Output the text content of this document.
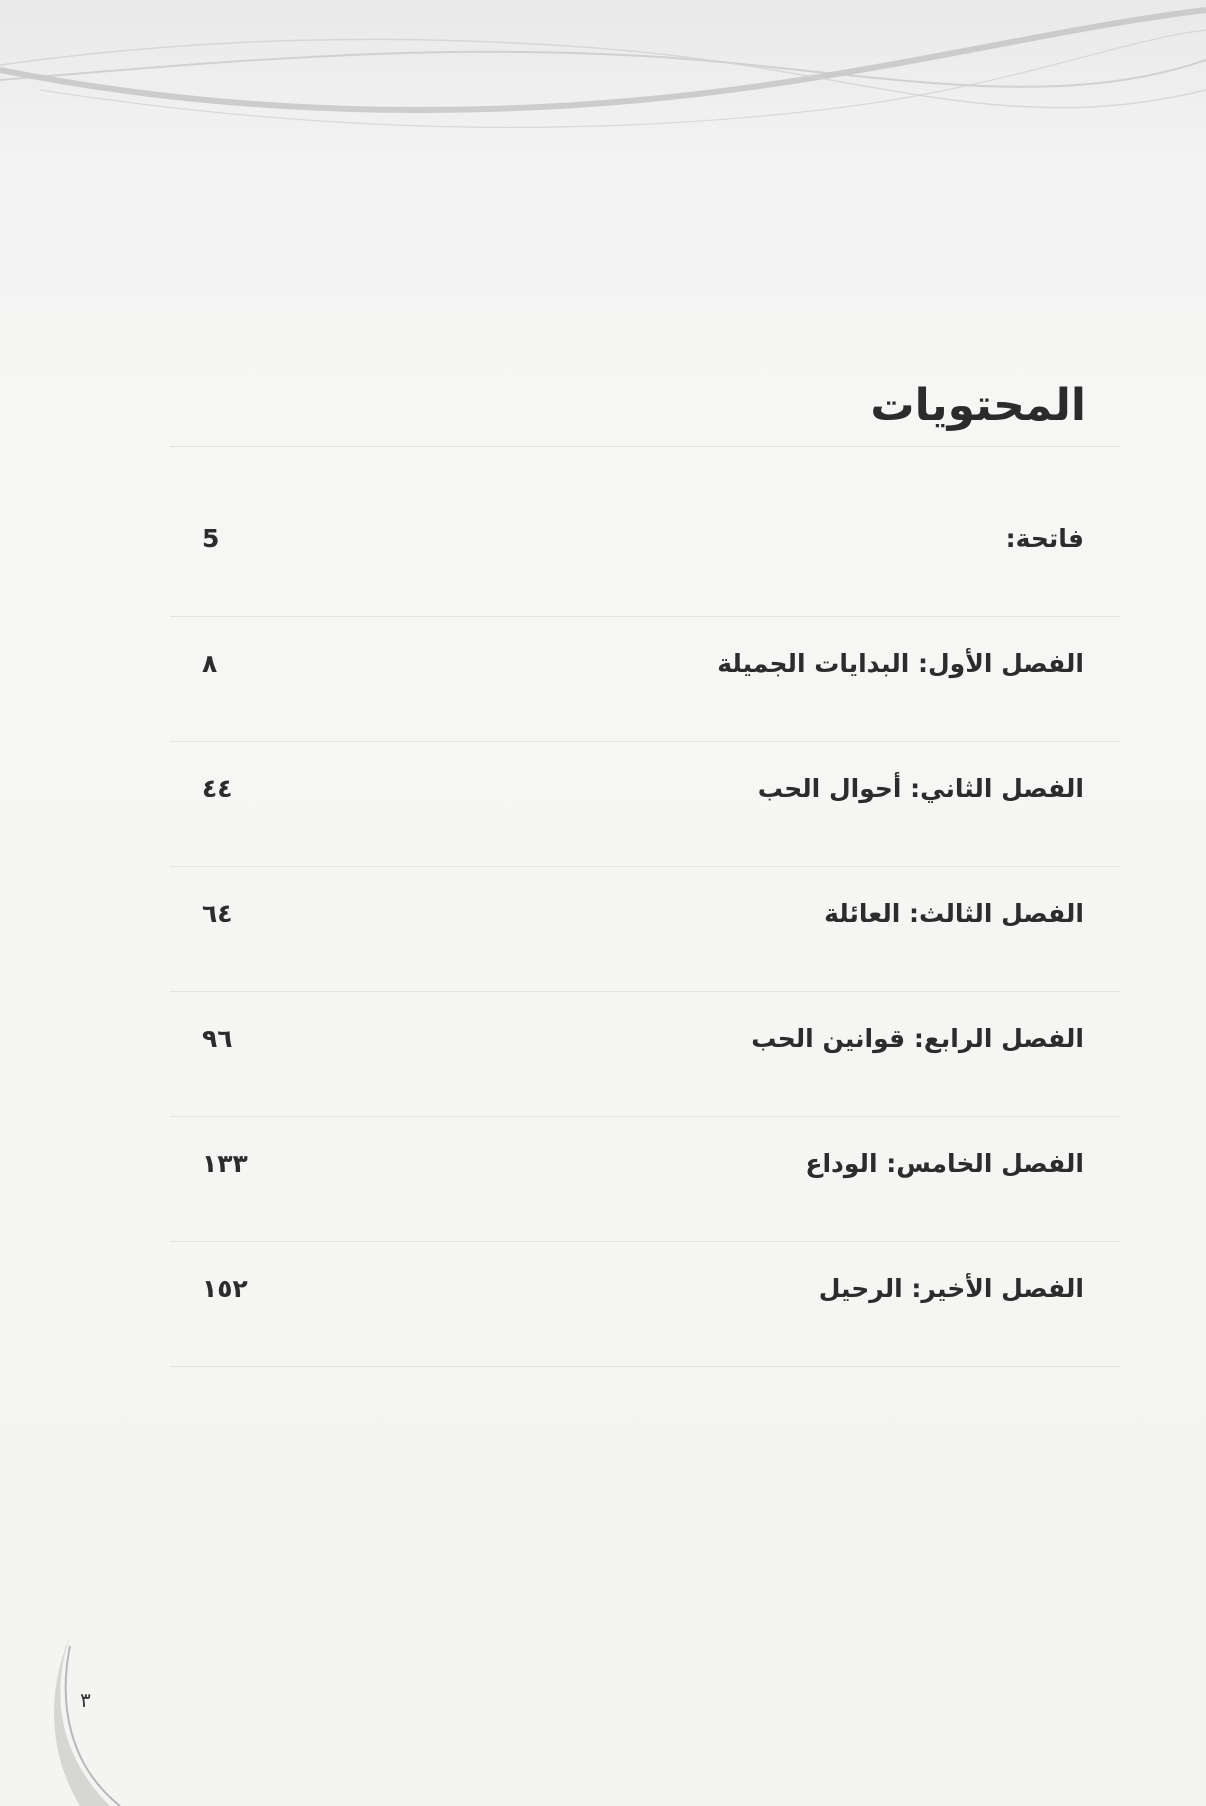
المحتويات
فاتحة:
5
الفصل الأول: البدايات الجميلة
٨
الفصل الثاني: أحوال الحب
٤٤
الفصل الثالث: العائلة
٦٤
الفصل الرابع: قوانين الحب
٩٦
الفصل الخامس: الوداع
١٣٣
الفصل الأخير: الرحيل
١٥٢
٣
